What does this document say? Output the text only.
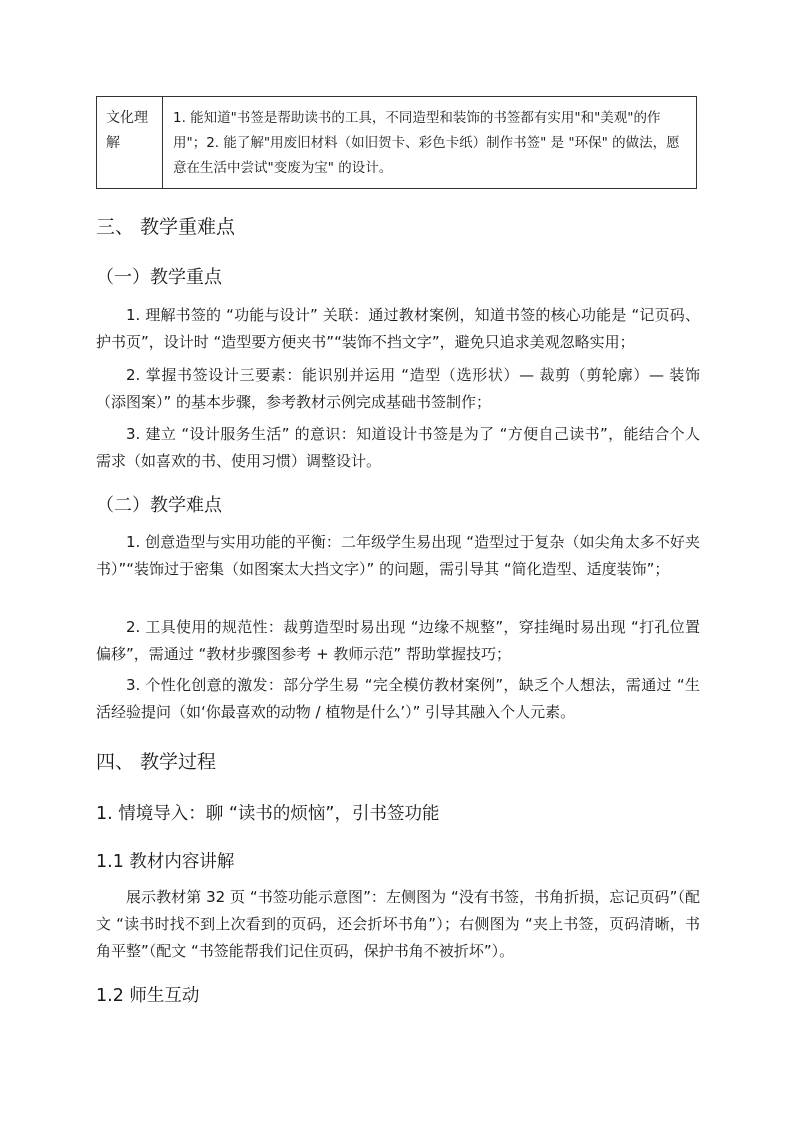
文化理解
1. 能知道"书签是帮助读书的工具，不同造型和装饰的书签都有实用"和"美观"的作用"；2. 能了解"用废旧材料（如旧贺卡、彩色卡纸）制作书签" 是 "环保" 的做法，愿意在生活中尝试"变废为宝" 的设计。
三、 教学重难点
（一）教学重点
1. 理解书签的 “功能与设计” 关联：通过教材案例，知道书签的核心功能是 “记页码、护书页”，设计时 “造型要方便夹书”“装饰不挡文字”，避免只追求美观忽略实用；
2. 掌握书签设计三要素：能识别并运用 “造型（选形状）— 裁剪（剪轮廓）— 装饰（添图案）” 的基本步骤，参考教材示例完成基础书签制作；
3. 建立 “设计服务生活” 的意识：知道设计书签是为了 “方便自己读书”，能结合个人需求（如喜欢的书、使用习惯）调整设计。
（二）教学难点
1. 创意造型与实用功能的平衡：二年级学生易出现 “造型过于复杂（如尖角太多不好夹书）”“装饰过于密集（如图案太大挡文字）” 的问题，需引导其 “简化造型、适度装饰”；
2. 工具使用的规范性：裁剪造型时易出现 “边缘不规整”，穿挂绳时易出现 “打孔位置偏移”，需通过 “教材步骤图参考 + 教师示范” 帮助掌握技巧；
3. 个性化创意的激发：部分学生易 “完全模仿教材案例”，缺乏个人想法，需通过 “生活经验提问（如‘你最喜欢的动物 / 植物是什么’）” 引导其融入个人元素。
四、 教学过程
1. 情境导入：聊 “读书的烦恼”，引书签功能
1.1 教材内容讲解
展示教材第 32 页 “书签功能示意图”：左侧图为 “没有书签，书角折损，忘记页码”（配文 “读书时找不到上次看到的页码，还会折坏书角”）；右侧图为 “夹上书签，页码清晰，书角平整”（配文 “书签能帮我们记住页码，保护书角不被折坏”）。
1.2 师生互动
